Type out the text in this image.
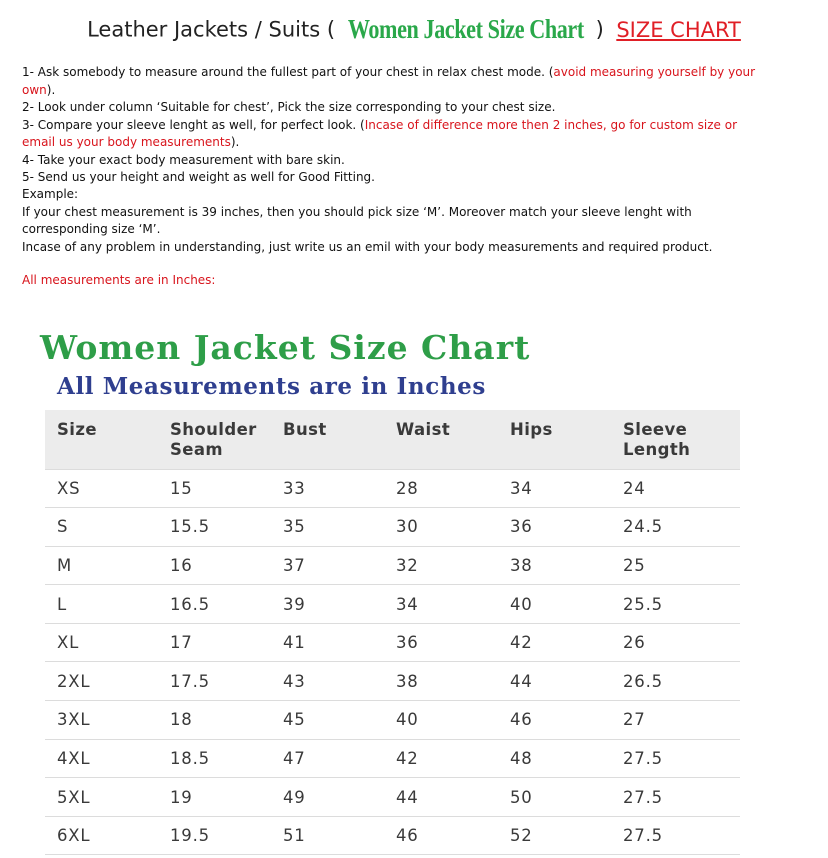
Leather Jackets / Suits ( Women Jacket Size Chart ) SIZE CHART

1- Ask somebody to measure around the fullest part of your chest in relax chest mode. (avoid measuring yourself by your own).

2- Look under column ‘Suitable for chest’, Pick the size corresponding to your chest size.

3- Compare your sleeve lenght as well, for perfect look. (Incase of difference more then 2 inches, go for custom size or email us your body measurements).

4- Take your exact body measurement with bare skin.

5- Send us your height and weight as well for Good Fitting.

Example:

If your chest measurement is 39 inches, then you should pick size ‘M’. Moreover match your sleeve lenght with corresponding size ‘M’.

Incase of any problem in understanding, just write us an emil with your body measurements and required product.

All measurements are in Inches:
Women Jacket Size Chart
All Measurements are in Inches
Size	Shoulder Seam	Bust	Waist	Hips	Sleeve Length
XS	15	33	28	34	24
S	15.5	35	30	36	24.5
M	16	37	32	38	25
L	16.5	39	34	40	25.5
XL	17	41	36	42	26
2XL	17.5	43	38	44	26.5
3XL	18	45	40	46	27
4XL	18.5	47	42	48	27.5
5XL	19	49	44	50	27.5
6XL	19.5	51	46	52	27.5
